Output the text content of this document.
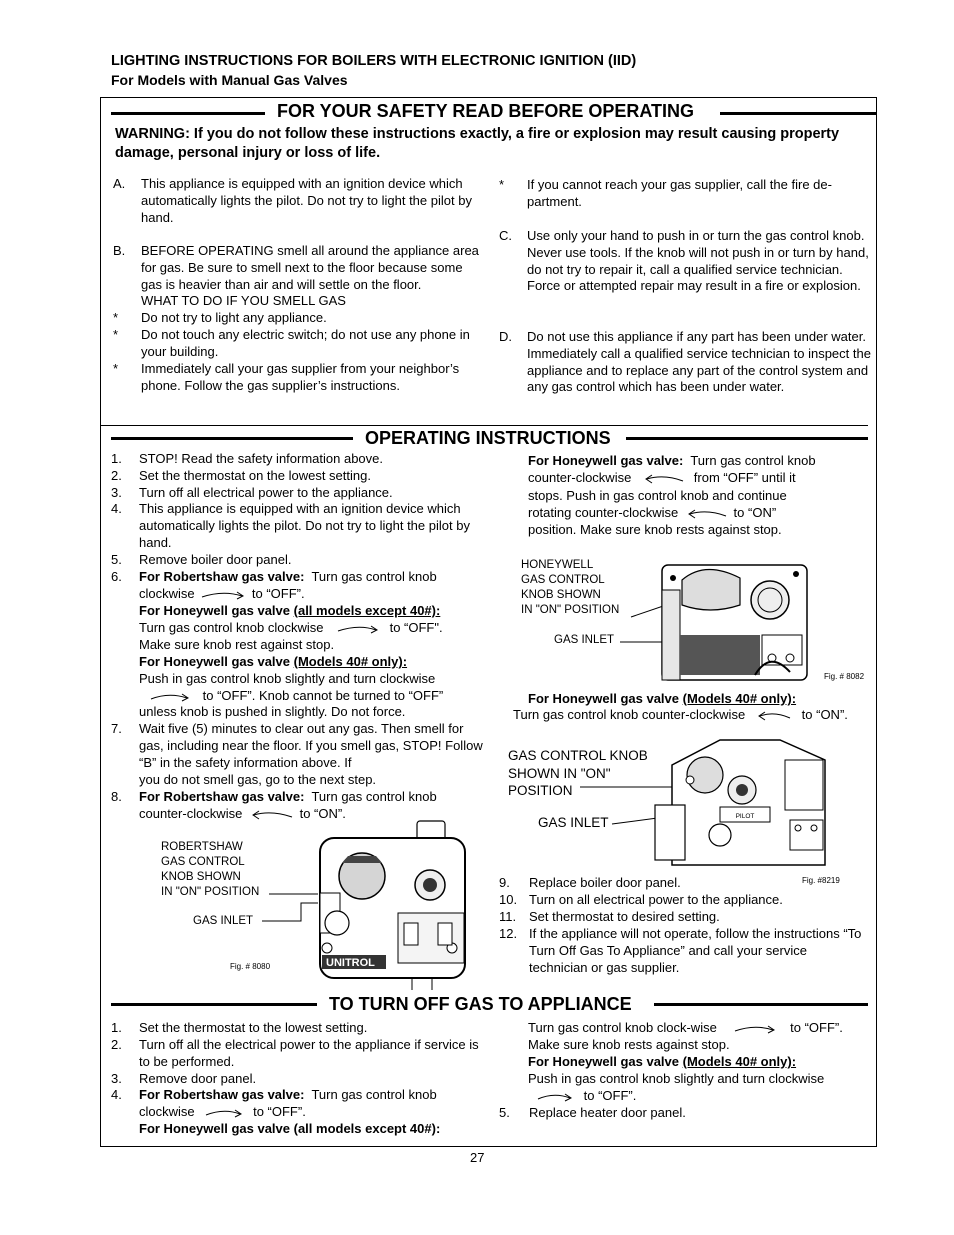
LIGHTING INSTRUCTIONS FOR BOILERS WITH ELECTRONIC IGNITION (IID)
For Models with Manual Gas Valves
FOR YOUR SAFETY READ BEFORE OPERATING
WARNING: If you do not follow these instructions exactly, a fire or explosion may result causing property damage, personal injury or loss of life.
A.	This appliance is equipped with an ignition device which automatically lights the pilot. Do not try to light the pilot by hand.
B.	BEFORE OPERATING smell all around the appliance area for gas. Be sure to smell next to the floor because some gas is heavier than air and will settle on the floor.
WHAT TO DO IF YOU SMELL GAS
*	Do not try to light any appliance.
*	Do not touch any electric switch; do not use any phone in your building.
*	Immediately call your gas supplier from your neighbor’s phone. Follow the gas supplier’s instructions.
*	If you cannot reach your gas supplier, call the fire de-partment.
C.	Use only your hand to push in or turn the gas control knob. Never use tools. If the knob will not push in or turn by hand, do not try to repair it, call a qualified service technician. Force or attempted repair may result in a fire or explosion.
D.	Do not use this appliance if any part has been under water. Immediately call a qualified service technician to inspect the appliance and to replace any part of the control system and any gas control which has been under water.
OPERATING INSTRUCTIONS
1.	STOP! Read the safety information above.
2.	Set the thermostat on the lowest setting.
3.	Turn off all electrical power to the appliance.
4.	This appliance is equipped with an ignition device which automatically lights the pilot. Do not try to light the pilot by hand.
5.	Remove boiler door panel.
6. For Robertshaw gas valve: Turn gas control knob
clockwise	to “OFF”.
For Honeywell gas valve (all models except 40#):
Turn gas control knob clockwise	to “OFF".
Make sure knob rest against stop.
For Honeywell gas valve (Models 40# only):
Push in gas control knob slightly and turn clockwise
to “OFF”. Knob cannot be turned to “OFF”
unless knob is pushed in slightly. Do not force.
7.	Wait five (5) minutes to clear out any gas. Then smell for gas, including near the floor. If you smell gas, STOP! Follow “B” in the safety information above. If
you do not smell gas, go to the next step.
8. For Robertshaw gas valve: Turn gas control knob
counter-clockwise	to “ON”.
ROBERTSHAW
GAS CONTROL
KNOB SHOWN
IN "ON" POSITION
GAS INLET
Fig. # 8080	UNITROL
For Honeywell gas valve: Turn gas control knob
counter-clockwise	from “OFF” until it
stops. Push in gas control knob and continue
rotating counter-clockwise	to “ON”
position. Make sure knob rests against stop.
HONEYWELL
GAS CONTROL
KNOB SHOWN
IN "ON" POSITION
GAS INLET
Fig. # 8082
For Honeywell gas valve (Models 40# only):
Turn gas control knob counter-clockwise	to “ON”.
GAS CONTROL KNOB
SHOWN IN "ON"
POSITION
GAS INLET
Fig. #8219
PILOT
9.	Replace boiler door panel.
10. Turn on all electrical power to the appliance.
11. Set thermostat to desired setting.
12. If the appliance will not operate, follow the instructions “To Turn Off Gas To Appliance” and call your service technician or gas supplier.
TO TURN OFF GAS TO APPLIANCE
1.	Set the thermostat to the lowest setting.
2.	Turn off all the electrical power to the appliance if service is to be performed.
3.	Remove door panel.
4. For Robertshaw gas valve: Turn gas control knob
clockwise	to “OFF”.
For Honeywell gas valve (all models except 40#):
Turn gas control knob clock-wise	to “OFF”.
Make sure knob rests against stop.
For Honeywell gas valve (Models 40# only):
Push in gas control knob slightly and turn clockwise
to “OFF”.
5.	Replace heater door panel.
27
